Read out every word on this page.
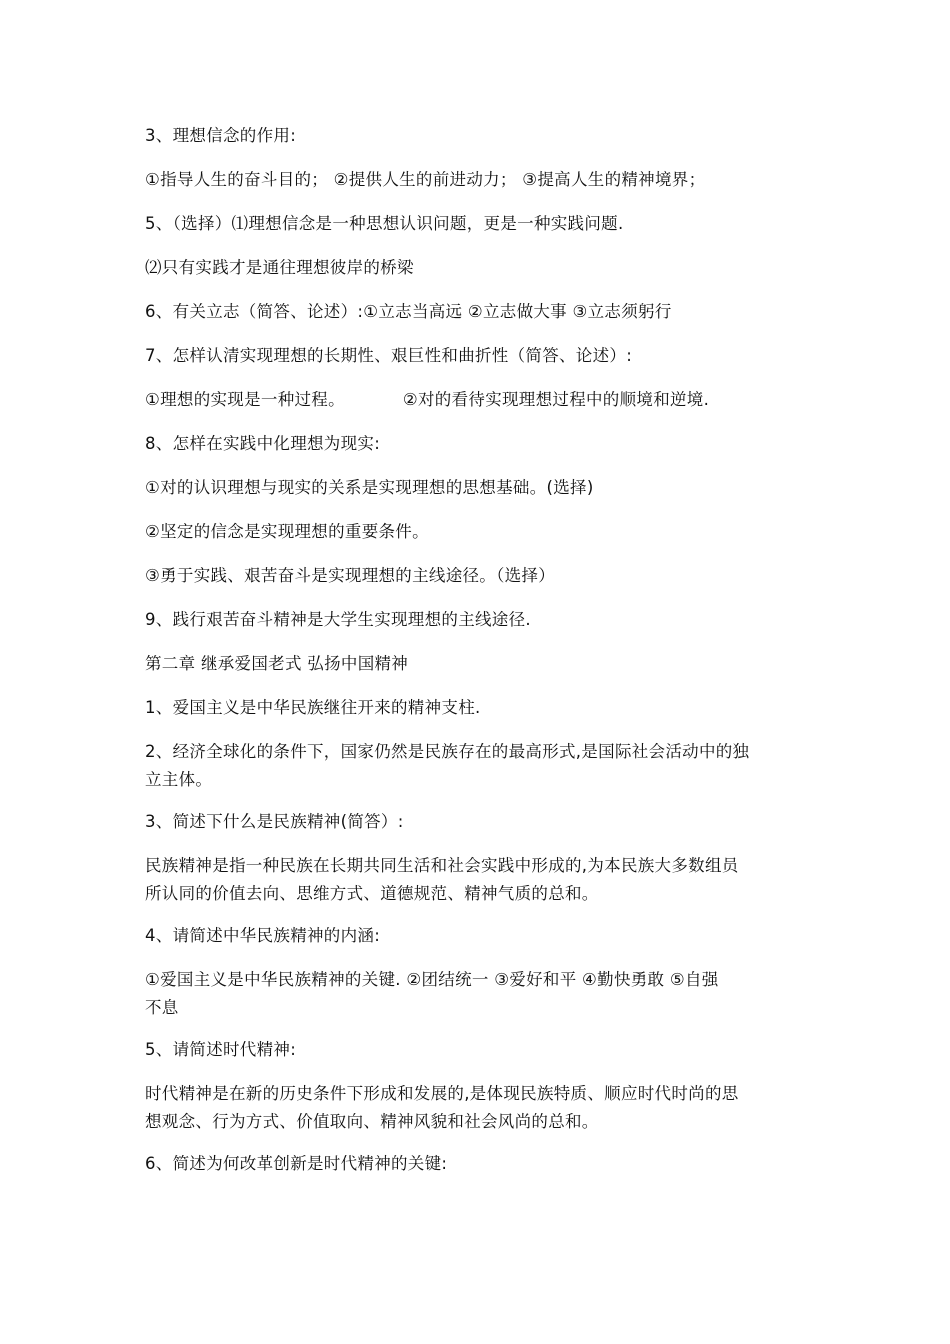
3、理想信念的作用:
①指导人生的奋斗目的； ②提供人生的前进动力； ③提高人生的精神境界；
5、（选择）⑴理想信念是一种思想认识问题，更是一种实践问题.
⑵只有实践才是通往理想彼岸的桥梁
6、有关立志（简答、论述）:①立志当高远 ②立志做大事 ③立志须躬行
7、怎样认清实现理想的长期性、艰巨性和曲折性（简答、论述）:
①理想的实现是一种过程。	②对的看待实现理想过程中的顺境和逆境.
8、怎样在实践中化理想为现实:
①对的认识理想与现实的关系是实现理想的思想基础。(选择)
②坚定的信念是实现理想的重要条件。
③勇于实践、艰苦奋斗是实现理想的主线途径。（选择）
9、践行艰苦奋斗精神是大学生实现理想的主线途径.
第二章 继承爱国老式 弘扬中国精神
1、爱国主义是中华民族继往开来的精神支柱.
2、经济全球化的条件下，国家仍然是民族存在的最高形式,是国际社会活动中的独
立主体。
3、简述下什么是民族精神(简答）:
民族精神是指一种民族在长期共同生活和社会实践中形成的,为本民族大多数组员
所认同的价值去向、思维方式、道德规范、精神气质的总和。
4、请简述中华民族精神的内涵:
①爱国主义是中华民族精神的关键. ②团结统一 ③爱好和平 ④勤快勇敢 ⑤自强
不息
5、请简述时代精神:
时代精神是在新的历史条件下形成和发展的,是体现民族特质、顺应时代时尚的思
想观念、行为方式、价值取向、精神风貌和社会风尚的总和。
6、简述为何改革创新是时代精神的关键:
